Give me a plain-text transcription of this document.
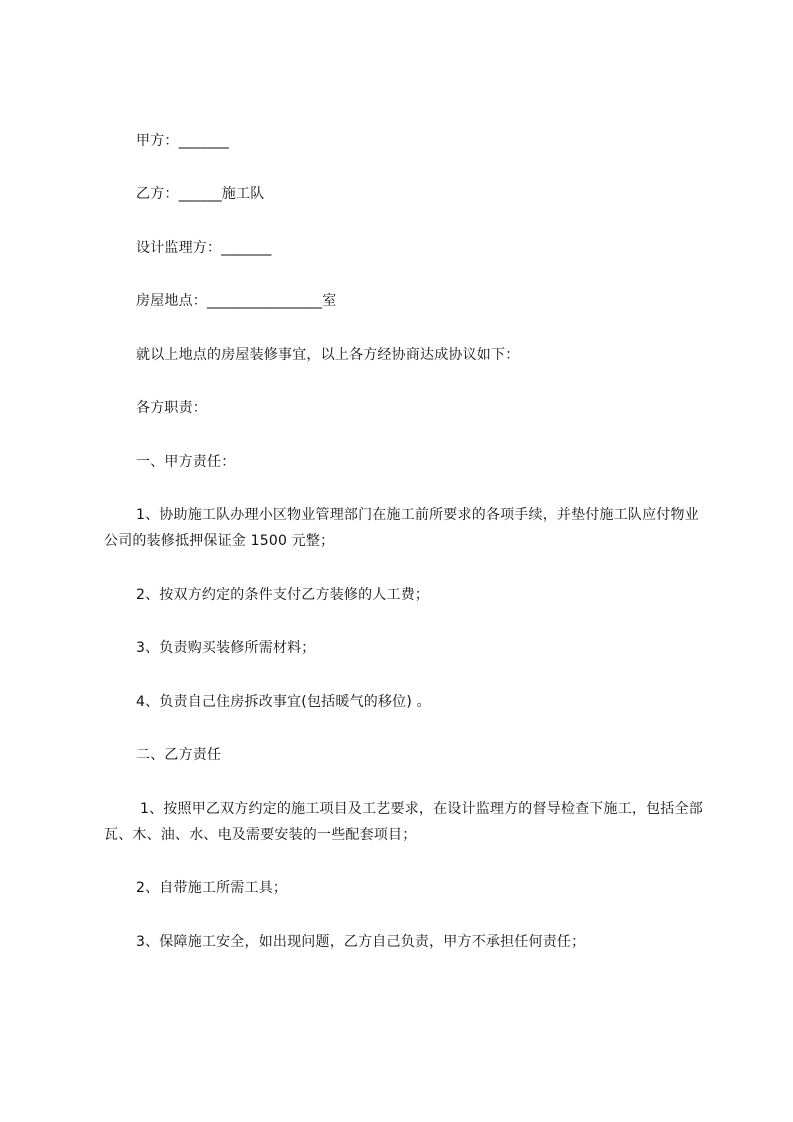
甲方：_______
乙方：______施工队
设计监理方：_______
房屋地点：________________室
就以上地点的房屋装修事宜，以上各方经协商达成协议如下：
各方职责：
一、甲方责任：
1、协助施工队办理小区物业管理部门在施工前所要求的各项手续，并垫付施工队应付物业公司的装修抵押保证金 1500 元整；
2、按双方约定的条件支付乙方装修的人工费；
3、负责购买装修所需材料；
4、负责自己住房拆改事宜(包括暖气的移位) 。
二、乙方责任
1、按照甲乙双方约定的施工项目及工艺要求，在设计监理方的督导检查下施工，包括全部瓦、木、油、水、电及需要安装的一些配套项目；
2、自带施工所需工具；
3、保障施工安全，如出现问题，乙方自己负责，甲方不承担任何责任；
